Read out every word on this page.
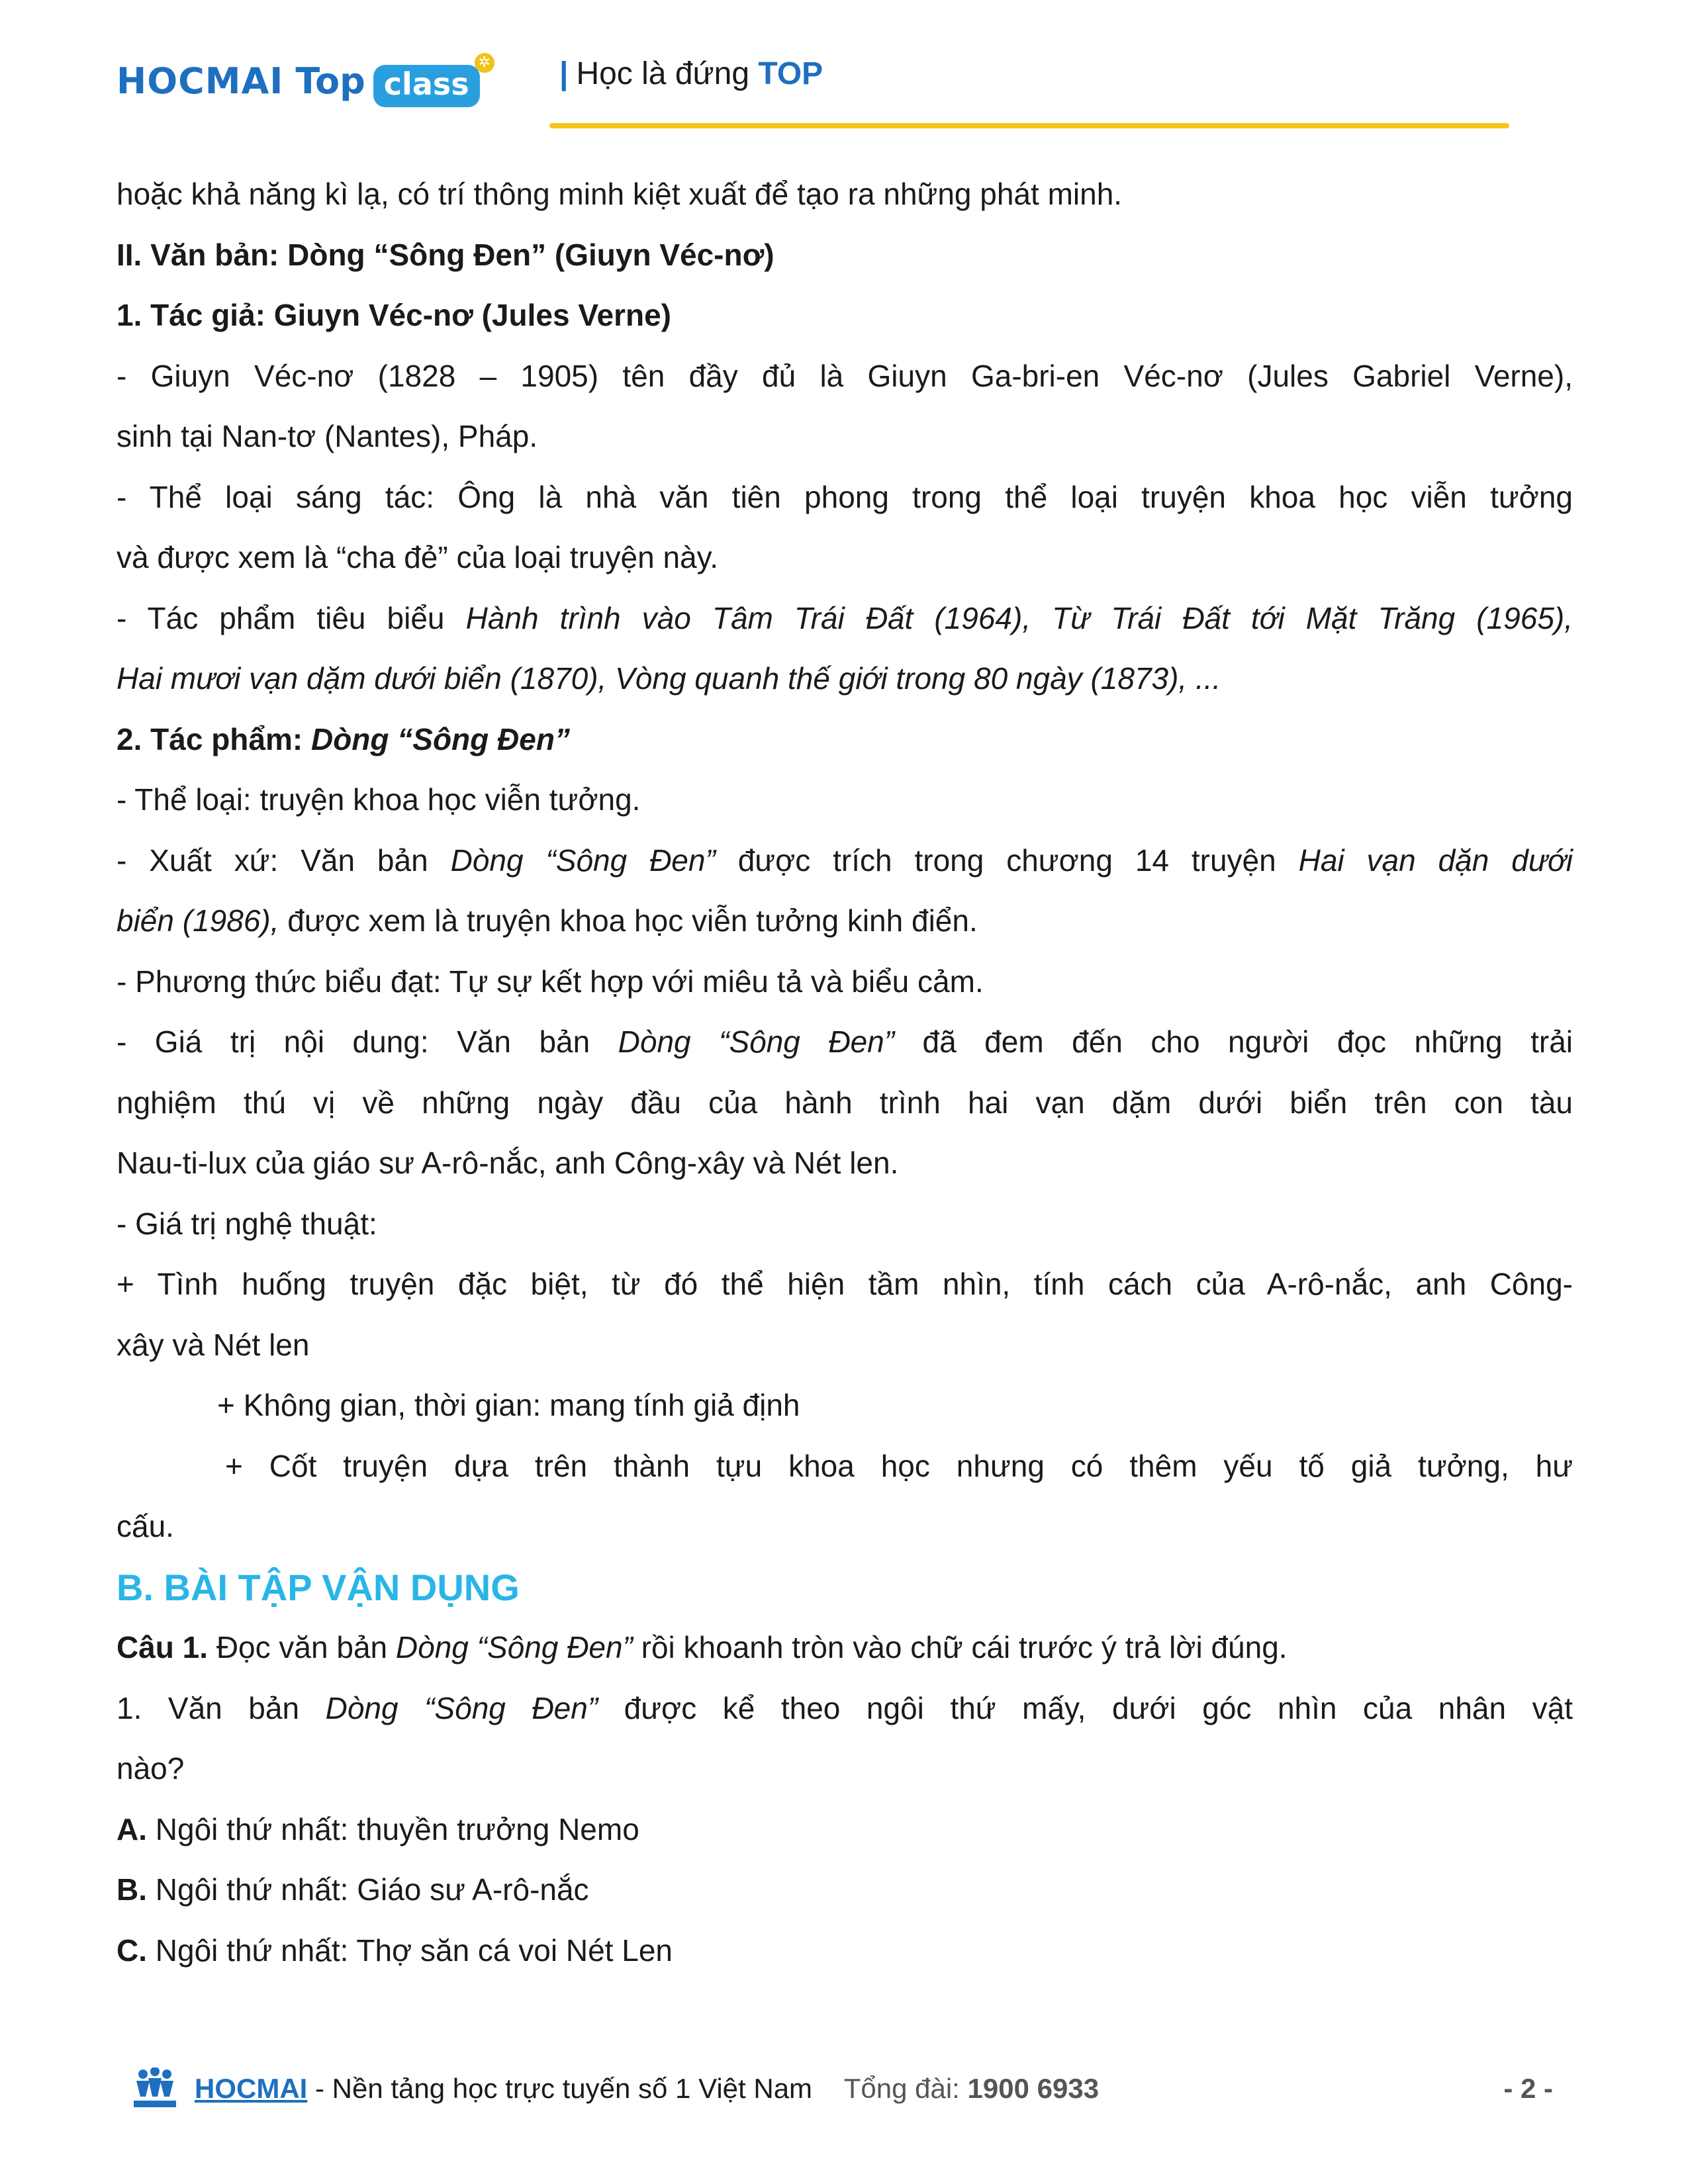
HOCMAI Top class
✲ | Học là đứng TOP
hoặc khả năng kì lạ, có trí thông minh kiệt xuất để tạo ra những phát minh.
II. Văn bản: Dòng “Sông Đen” (Giuyn Véc-nơ)
1. Tác giả: Giuyn Véc-nơ (Jules Verne)
- Giuyn Véc-nơ (1828 – 1905) tên đầy đủ là Giuyn Ga-bri-en Véc-nơ (Jules Gabriel Verne),
sinh tại Nan-tơ (Nantes), Pháp.
- Thể loại sáng tác: Ông là nhà văn tiên phong trong thể loại truyện khoa học viễn tưởng
và được xem là “cha đẻ” của loại truyện này.
- Tác phẩm tiêu biểu Hành trình vào Tâm Trái Đất (1964), Từ Trái Đất tới Mặt Trăng (1965),
Hai mươi vạn dặm dưới biển (1870), Vòng quanh thế giới trong 80 ngày (1873), ...
2. Tác phẩm: Dòng “Sông Đen”
- Thể loại: truyện khoa học viễn tưởng.
- Xuất xứ: Văn bản Dòng “Sông Đen” được trích trong chương 14 truyện Hai vạn dặn dưới
biển (1986), được xem là truyện khoa học viễn tưởng kinh điển.
- Phương thức biểu đạt: Tự sự kết hợp với miêu tả và biểu cảm.
- Giá trị nội dung: Văn bản Dòng “Sông Đen” đã đem đến cho người đọc những trải
nghiệm thú vị về những ngày đầu của hành trình hai vạn dặm dưới biển trên con tàu
Nau-ti-lux của giáo sư A-rô-nắc, anh Công-xây và Nét len.
- Giá trị nghệ thuật:
+ Tình huống truyện đặc biệt, từ đó thể hiện tầm nhìn, tính cách của A-rô-nắc, anh Công-
xây và Nét len
+ Không gian, thời gian: mang tính giả định
+ Cốt truyện dựa trên thành tựu khoa học nhưng có thêm yếu tố giả tưởng, hư
cấu.
B. BÀI TẬP VẬN DỤNG
Câu 1. Đọc văn bản Dòng “Sông Đen” rồi khoanh tròn vào chữ cái trước ý trả lời đúng.
1. Văn bản Dòng “Sông Đen” được kể theo ngôi thứ mấy, dưới góc nhìn của nhân vật
nào?
A. Ngôi thứ nhất: thuyền trưởng Nemo
B. Ngôi thứ nhất: Giáo sư A-rô-nắc
C. Ngôi thứ nhất: Thợ săn cá voi Nét Len
HOCMAI - Nền tảng học trực tuyến số 1 Việt Nam Tổng đài: 1900 6933	- 2 -
